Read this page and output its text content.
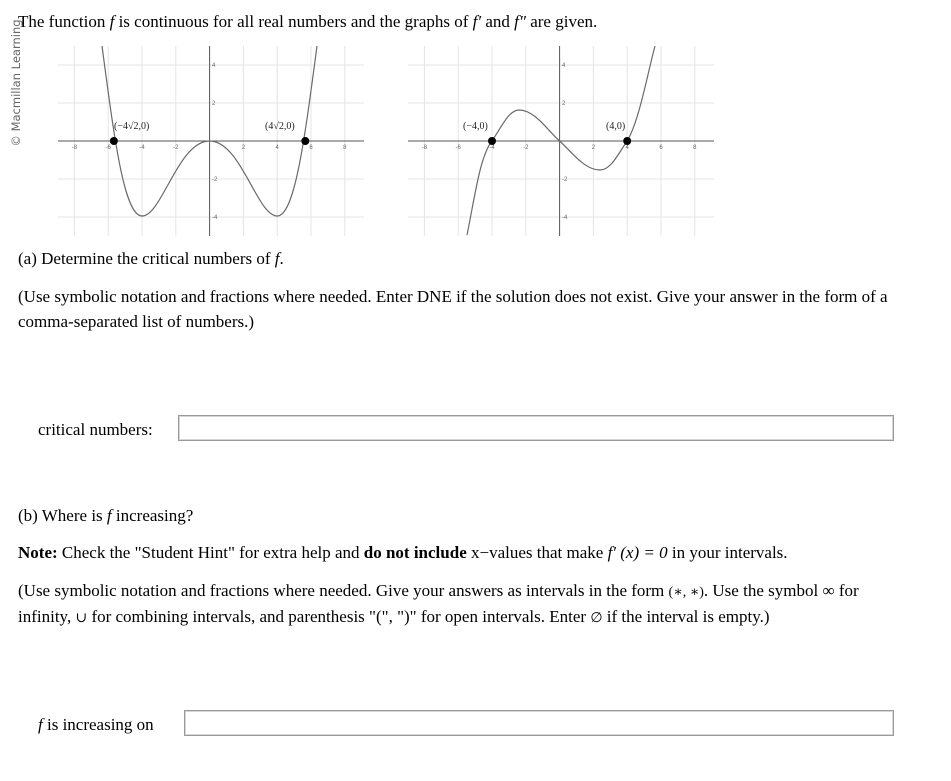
© Macmillan Learning
The function f is continuous for all real numbers and the graphs of f′ and f″ are given.
-8	-6	-4	-2	2	4	6	8
4
2
-2
-4
(−4√2,0)	(4√2,0)
-8	-6	-4	-2	2	4	6	8
4
2
-2
-4
(−4,0)	(4,0)
(a) Determine the critical numbers of f.
(Use symbolic notation and fractions where needed. Enter DNE if the solution does not exist. Give your answer in the form of a
comma-separated list of numbers.)
critical numbers:
(b) Where is f increasing?
Note: Check the "Student Hint" for extra help and do not include x−values that make f′ (x) = 0 in your intervals.
(Use symbolic notation and fractions where needed. Give your answers as intervals in the form (∗, ∗). Use the symbol ∞ for
infinity, ∪ for combining intervals, and parenthesis "(", ")" for open intervals. Enter ∅ if the interval is empty.)
f is increasing on
